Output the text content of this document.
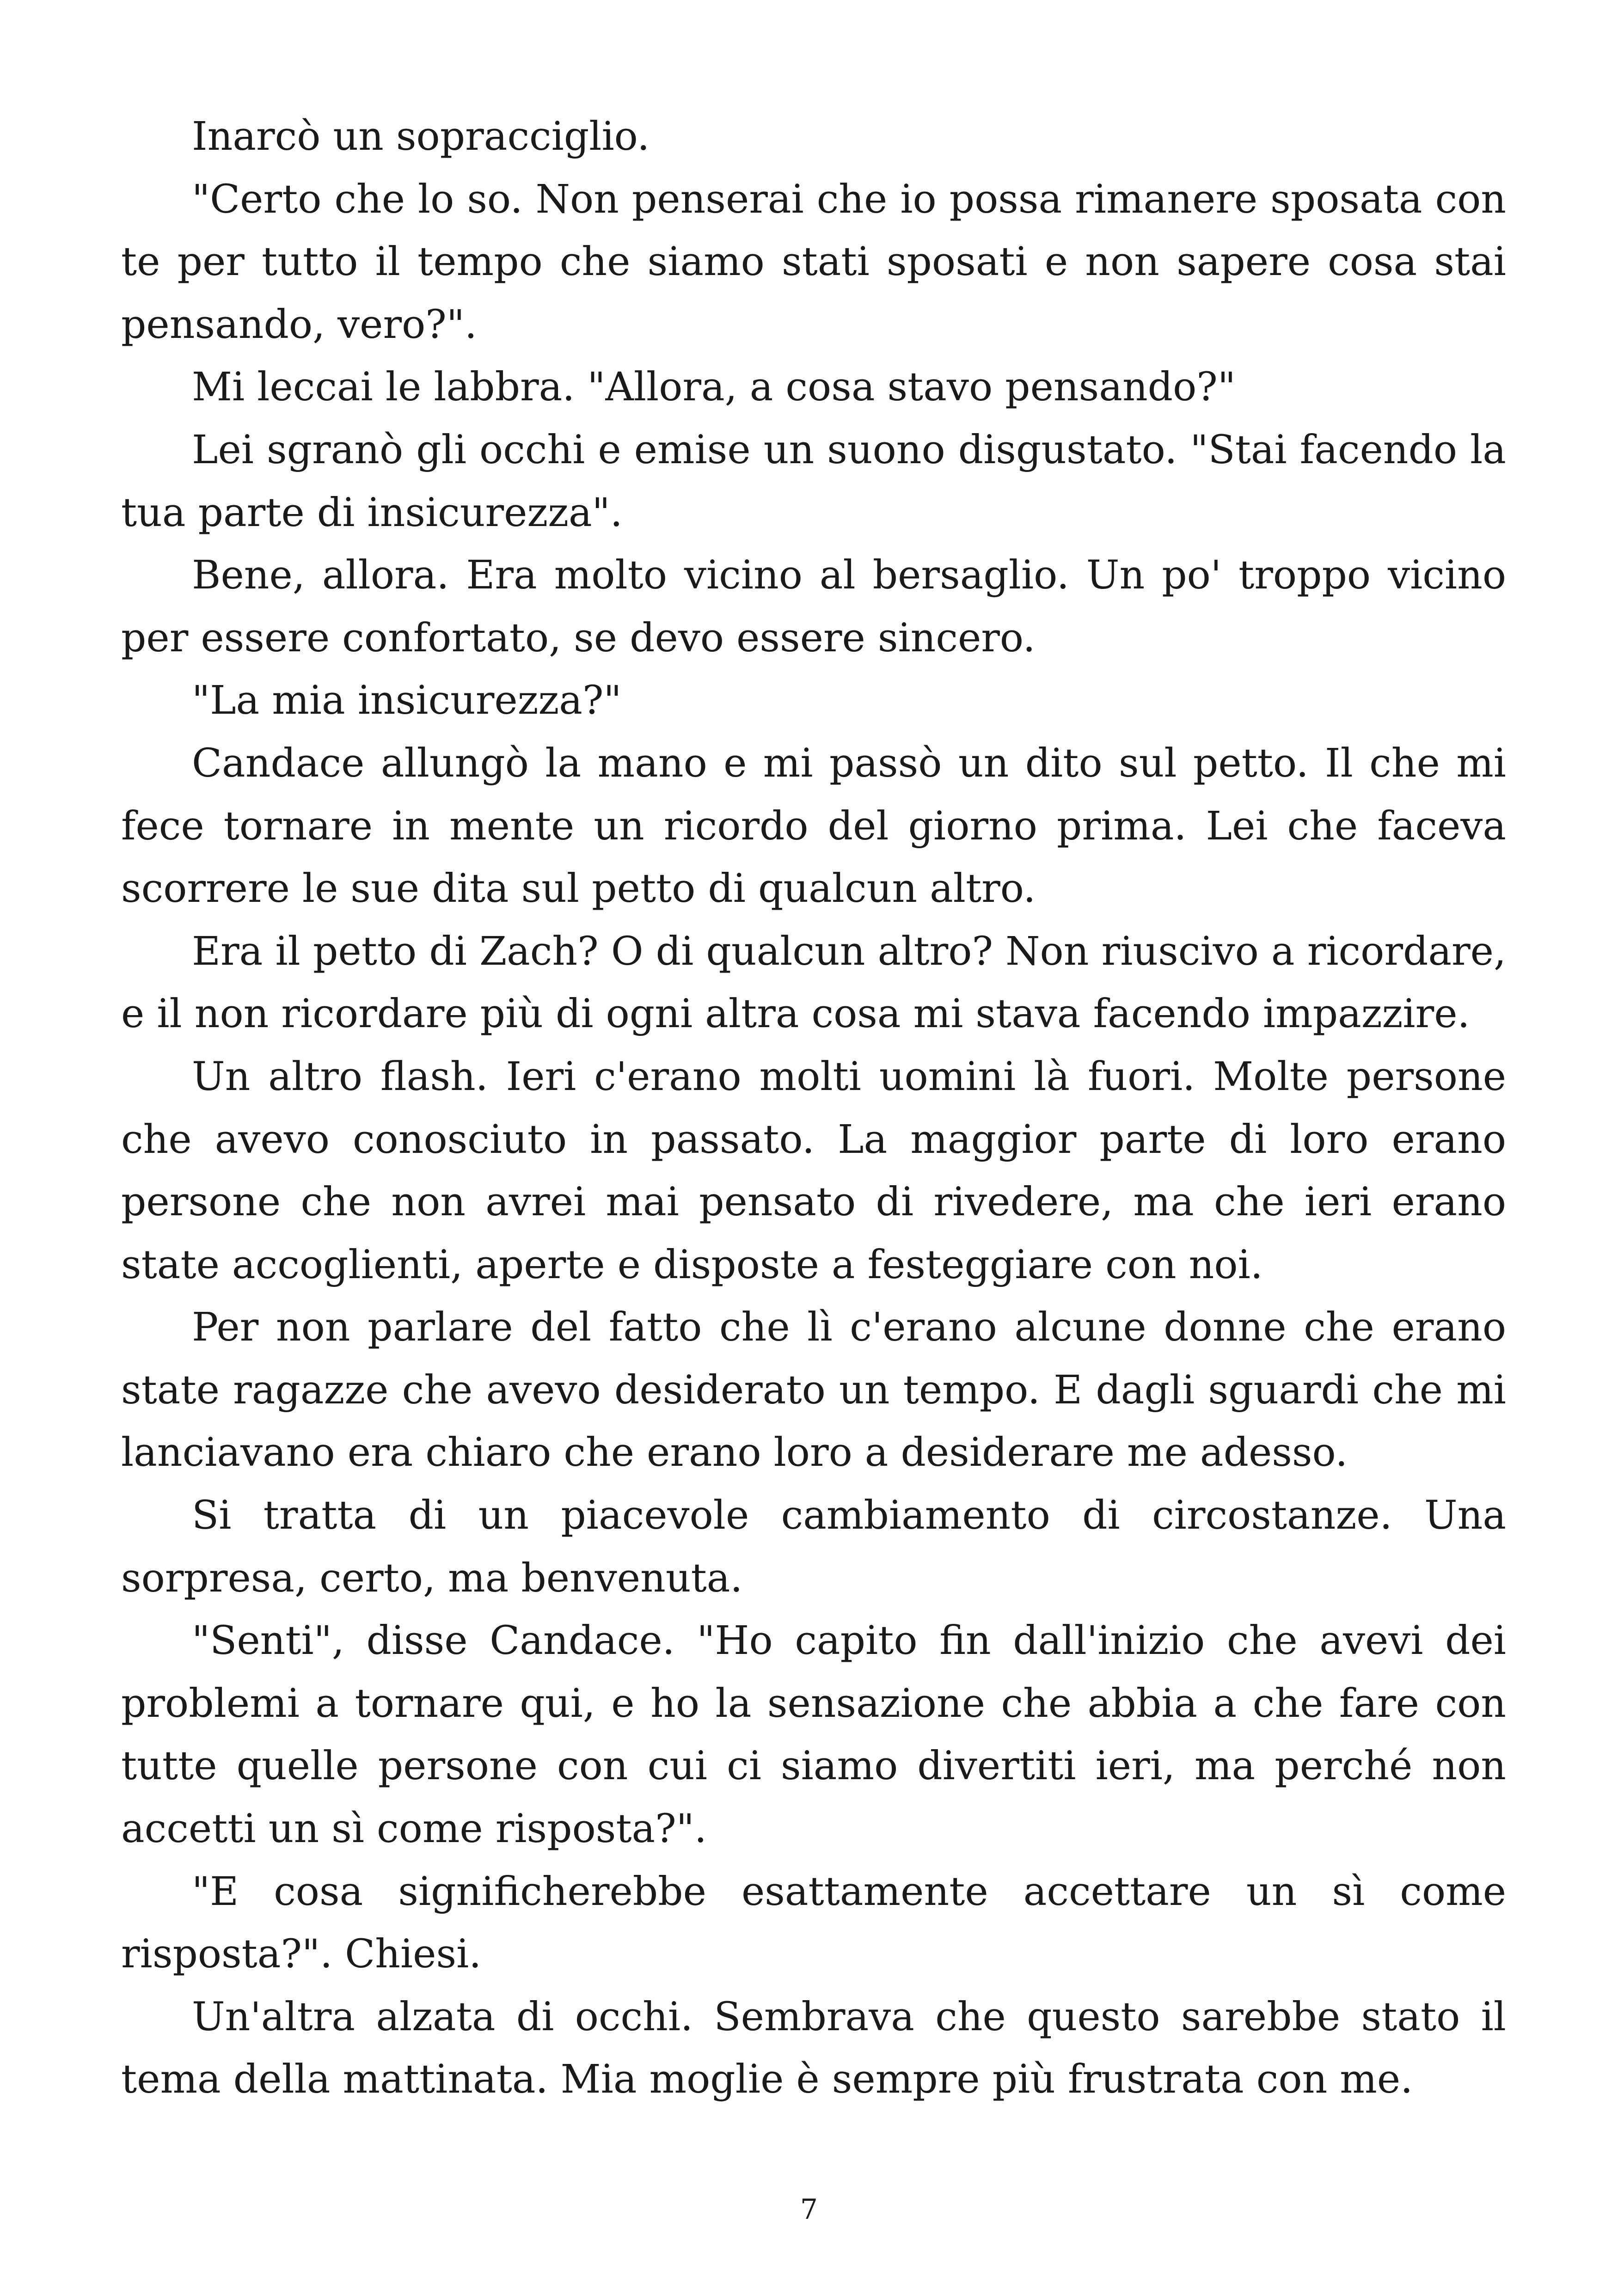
Inarcò un sopracciglio.

"Certo che lo so. Non penserai che io possa rimanere sposata con te per tutto il tempo che siamo stati sposati e non sapere cosa stai pensando, vero?".

Mi leccai le labbra. "Allora, a cosa stavo pensando?"

Lei sgranò gli occhi e emise un suono disgustato. "Stai facendo la tua parte di insicurezza".

Bene, allora. Era molto vicino al bersaglio. Un po' troppo vicino per essere confortato, se devo essere sincero.

"La mia insicurezza?"

Candace allungò la mano e mi passò un dito sul petto. Il che mi fece tornare in mente un ricordo del giorno prima. Lei che faceva scorrere le sue dita sul petto di qualcun altro.

Era il petto di Zach? O di qualcun altro? Non riuscivo a ricordare, e il non ricordare più di ogni altra cosa mi stava facendo impazzire.

Un altro flash. Ieri c'erano molti uomini là fuori. Molte persone che avevo conosciuto in passato. La maggior parte di loro erano persone che non avrei mai pensato di rivedere, ma che ieri erano state accoglienti, aperte e disposte a festeggiare con noi.

Per non parlare del fatto che lì c'erano alcune donne che erano state ragazze che avevo desiderato un tempo. E dagli sguardi che mi lanciavano era chiaro che erano loro a desiderare me adesso.

Si tratta di un piacevole cambiamento di circostanze. Una sorpresa, certo, ma benvenuta.

"Senti", disse Candace. "Ho capito fin dall'inizio che avevi dei problemi a tornare qui, e ho la sensazione che abbia a che fare con tutte quelle persone con cui ci siamo divertiti ieri, ma perché non accetti un sì come risposta?".

"E cosa significherebbe esattamente accettare un sì come risposta?". Chiesi.

Un'altra alzata di occhi. Sembrava che questo sarebbe stato il tema della mattinata. Mia moglie è sempre più frustrata con me.

7
